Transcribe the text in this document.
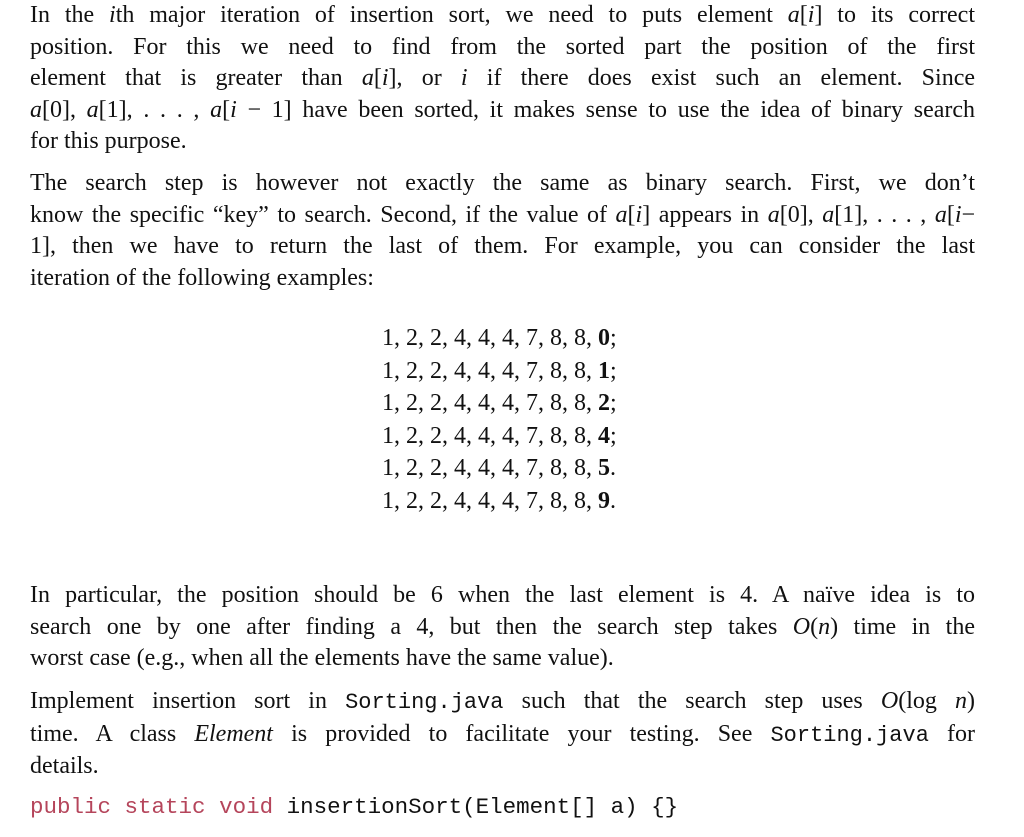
In the ith major iteration of insertion sort, we need to puts element a[i] to its correct
position. For this we need to find from the sorted part the position of the first
element that is greater than a[i], or i if there does exist such an element. Since
a[0], a[1], . . . , a[i − 1] have been sorted, it makes sense to use the idea of binary search
for this purpose.

The search step is however not exactly the same as binary search. First, we don’t
know the specific “key” to search. Second, if the value of a[i] appears in a[0], a[1], . . . , a[i−
1], then we have to return the last of them. For example, you can consider the last
iteration of the following examples:

1, 2, 2, 4, 4, 4, 7, 8, 8, 0;
1, 2, 2, 4, 4, 4, 7, 8, 8, 1;
1, 2, 2, 4, 4, 4, 7, 8, 8, 2;
1, 2, 2, 4, 4, 4, 7, 8, 8, 4;
1, 2, 2, 4, 4, 4, 7, 8, 8, 5.
1, 2, 2, 4, 4, 4, 7, 8, 8, 9.

In particular, the position should be 6 when the last element is 4. A naïve idea is to
search one by one after finding a 4, but then the search step takes O(n) time in the
worst case (e.g., when all the elements have the same value).

Implement insertion sort in Sorting.java such that the search step uses O(log n)
time. A class Element is provided to facilitate your testing. See Sorting.java for
details.

public static void insertionSort(Element[] a) {}
